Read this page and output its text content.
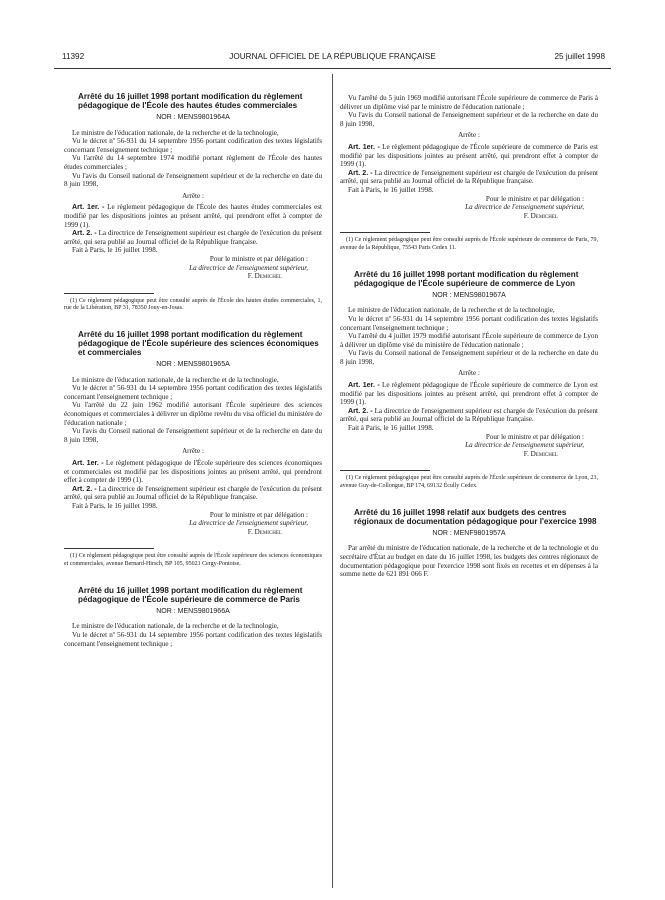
11392	JOURNAL OFFICIEL DE LA RÉPUBLIQUE FRANÇAISE	25 juillet 1998
Arrêté du 16 juillet 1998 portant modification du règlement pédagogique de l'École des hautes études commerciales
NOR : MENS9801964A

Le ministre de l'éducation nationale, de la recherche et de la technologie,

Vu le décret nº 56-931 du 14 septembre 1956 portant codification des textes législatifs concernant l'enseignement technique ;

Vu l'arrêté du 14 septembre 1974 modifié portant règlement de l'École des hautes études commerciales ;

Vu l'avis du Conseil national de l'enseignement supérieur et de la recherche en date du 8 juin 1998,

Arrête :

Art. 1er. - Le règlement pédagogique de l'École des hautes études commerciales est modifié par les dispositions jointes au présent arrêté, qui prendront effet à compter de 1999 (1).

Art. 2. - La directrice de l'enseignement supérieur est chargée de l'exécution du présent arrêté, qui sera publié au Journal officiel de la République française.

Fait à Paris, le 16 juillet 1998.

Pour le ministre et par délégation :

La directrice de l'enseignement supérieur,

F. Demichel

(1) Ce règlement pédagogique peut être consulté auprès de l'École des hautes études commerciales, 1, rue de la Libération, BP 31, 78350 Jouy-en-Josas.

Arrêté du 16 juillet 1998 portant modification du règlement pédagogique de l'École supérieure des sciences économiques et commerciales
NOR : MENS9801965A

Le ministre de l'éducation nationale, de la recherche et de la technologie,

Vu le décret nº 56-931 du 14 septembre 1956 portant codification des textes législatifs concernant l'enseignement technique ;

Vu l'arrêté du 22 juin 1962 modifié autorisant l'École supérieure des sciences économiques et commerciales à délivrer un diplôme revêtu du visa officiel du ministère de l'éducation nationale ;

Vu l'avis du Conseil national de l'enseignement supérieur et de la recherche en date du 8 juin 1998,

Arrête :

Art. 1er. - Le règlement pédagogique de l'École supérieure des sciences économiques et commerciales est modifié par les dispositions jointes au présent arrêté, qui prendront effet à compter de 1999 (1).

Art. 2. - La directrice de l'enseignement supérieur est chargée de l'exécution du présent arrêté, qui sera publié au Journal officiel de la République française.

Fait à Paris, le 16 juillet 1998.

Pour le ministre et par délégation :

La directrice de l'enseignement supérieur,

F. Demichel

(1) Ce règlement pédagogique peut être consulté auprès de l'École supérieure des sciences économiques et commerciales, avenue Bernard-Hirsch, BP 105, 95021 Cergy-Pontoise.

Arrêté du 16 juillet 1998 portant modification du règlement pédagogique de l'École supérieure de commerce de Paris
NOR : MENS9801966A

Le ministre de l'éducation nationale, de la recherche et de la technologie,

Vu le décret nº 56-931 du 14 septembre 1956 portant codification des textes législatifs concernant l'enseignement technique ;

Vu l'arrêté du 5 juin 1969 modifié autorisant l'École supérieure de commerce de Paris à délivrer un diplôme visé par le ministre de l'éducation nationale ;

Vu l'avis du Conseil national de l'enseignement supérieur et de la recherche en date du 8 juin 1998,

Arrête :

Art. 1er. - Le règlement pédagogique de l'École supérieure de commerce de Paris est modifié par les dispositions jointes au présent arrêté, qui prendront effet à compter de 1999 (1).

Art. 2. - La directrice de l'enseignement supérieur est chargée de l'exécution du présent arrêté, qui sera publié au Journal officiel de la République française.

Fait à Paris, le 16 juillet 1998.

Pour le ministre et par délégation :

La directrice de l'enseignement supérieur,

F. Demichel

(1) Ce règlement pédagogique peut être consulté auprès de l'École supérieure de commerce de Paris, 79, avenue de la République, 75543 Paris Cedex 11.

Arrêté du 16 juillet 1998 portant modification du règlement pédagogique de l'École supérieure de commerce de Lyon
NOR : MENS9801967A

Le ministre de l'éducation nationale, de la recherche et de la technologie,

Vu le décret nº 56-931 du 14 septembre 1956 portant codification des textes législatifs concernant l'enseignement technique ;

Vu l'arrêté du 4 juillet 1979 modifié autorisant l'École supérieure de commerce de Lyon à délivrer un diplôme visé du ministère de l'éducation nationale ;

Vu l'avis du Conseil national de l'enseignement supérieur et de la recherche en date du 8 juin 1998,

Arrête :

Art. 1er. - Le règlement pédagogique de l'École supérieure de commerce de Lyon est modifié par les dispositions jointes au présent arrêté, qui prendront effet à compter de 1999 (1).

Art. 2. - La directrice de l'enseignement supérieur est chargée de l'exécution du présent arrêté, qui sera publié au Journal officiel de la République française.

Fait à Paris, le 16 juillet 1998.

Pour le ministre et par délégation :

La directrice de l'enseignement supérieur,

F. Demichel

(1) Ce règlement pédagogique peut être consulté auprès de l'École supérieure de commerce de Lyon, 23, avenue Guy-de-Collongue, BP 174, 69132 Écully Cedex.

Arrêté du 16 juillet 1998 relatif aux budgets des centres régionaux de documentation pédagogique pour l'exercice 1998
NOR : MENF9801957A

Par arrêté du ministre de l'éducation nationale, de la recherche et de la technologie et du secrétaire d'État au budget en date du 16 juillet 1998, les budgets des centres régionaux de documentation pédagogique pour l'exercice 1998 sont fixés en recettes et en dépenses à la somme nette de 621 891 066 F.
